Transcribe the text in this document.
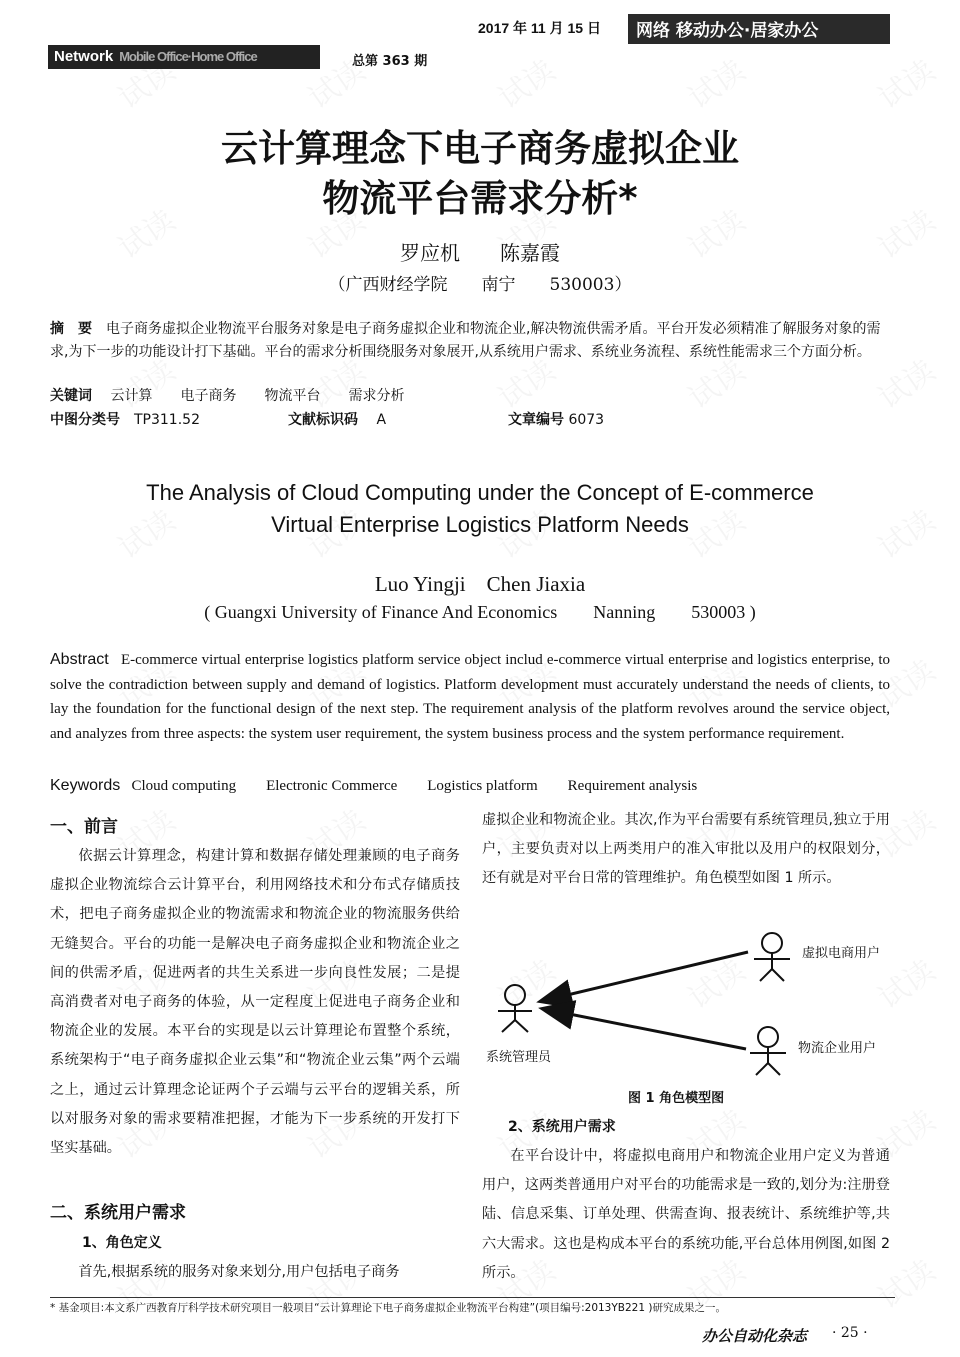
2017 年 11 月 15 日	网络 移动办公·居家办公
Network Mobile Office·Home Office	总第 363 期
云计算理念下电子商务虚拟企业
物流平台需求分析*
罗应机　　陈嘉霞
（广西财经学院　　南宁　　530003）
摘　要　 电子商务虚拟企业物流平台服务对象是电子商务虚拟企业和物流企业,解决物流供需矛盾。平台开发必须精准了解服务对象的需求,为下一步的功能设计打下基础。平台的需求分析围绕服务对象展开,从系统用户需求、系统业务流程、系统性能需求三个方面分析。
关键词　 云计算　　电子商务　　物流平台　　需求分析
中图分类号　 TP311.52	文献标识码　 A	文章编号 6073
The Analysis of Cloud Computing under the Concept of E-commerce
Virtual Enterprise Logistics Platform Needs
Luo Yingji　Chen Jiaxia
( Guangxi University of Finance And Economics　　Nanning　　530003 )
Abstract E-commerce virtual enterprise logistics platform service object includ e-commerce virtual enterprise and logistics enterprise, to solve the contradiction between supply and demand of logistics. Platform development must accurately understand the needs of clients, to lay the foundation for the functional design of the next step. The requirement analysis of the platform revolves around the service object, and analyzes from three aspects: the system user requirement, the system business process and the system performance requirement.
Keywords Cloud computing　　Electronic Commerce　　Logistics platform　　Requirement analysis
一、前言
依据云计算理念，构建计算和数据存储处理兼顾的电子商务虚拟企业物流综合云计算平台，利用网络技术和分布式存储质技术，把电子商务虚拟企业的物流需求和物流企业的物流服务供给无缝契合。平台的功能一是解决电子商务虚拟企业和物流企业之间的供需矛盾，促进两者的共生关系进一步向良性发展；二是提高消费者对电子商务的体验，从一定程度上促进电子商务企业和物流企业的发展。本平台的实现是以云计算理论布置整个系统，系统架构于“电子商务虚拟企业云集”和“物流企业云集”两个云端之上，通过云计算理念论证两个子云端与云平台的逻辑关系，所以对服务对象的需求要精准把握，才能为下一步系统的开发打下坚实基础。
二、系统用户需求
1、角色定义
首先,根据系统的服务对象来划分,用户包括电子商务
虚拟企业和物流企业。其次,作为平台需要有系统管理员,独立于用户，主要负责对以上两类用户的准入审批以及用户的权限划分，还有就是对平台日常的管理维护。角色模型如图 1 所示。
系统管理员
虚拟电商用户
物流企业用户
图 1 角色模型图
2、系统用户需求
在平台设计中，将虚拟电商用户和物流企业用户定义为普通用户，这两类普通用户对平台的功能需求是一致的,划分为:注册登陆、信息采集、订单处理、供需查询、报表统计、系统维护等,共六大需求。这也是构成本平台的系统功能,平台总体用例图,如图 2 所示。
* 基金项目:本文系广西教育厅科学技术研究项目一般项目“云计算理论下电子商务虚拟企业物流平台构建”(项目编号:2013YB221 )研究成果之一。
办公自动化杂志 · 25 ·
